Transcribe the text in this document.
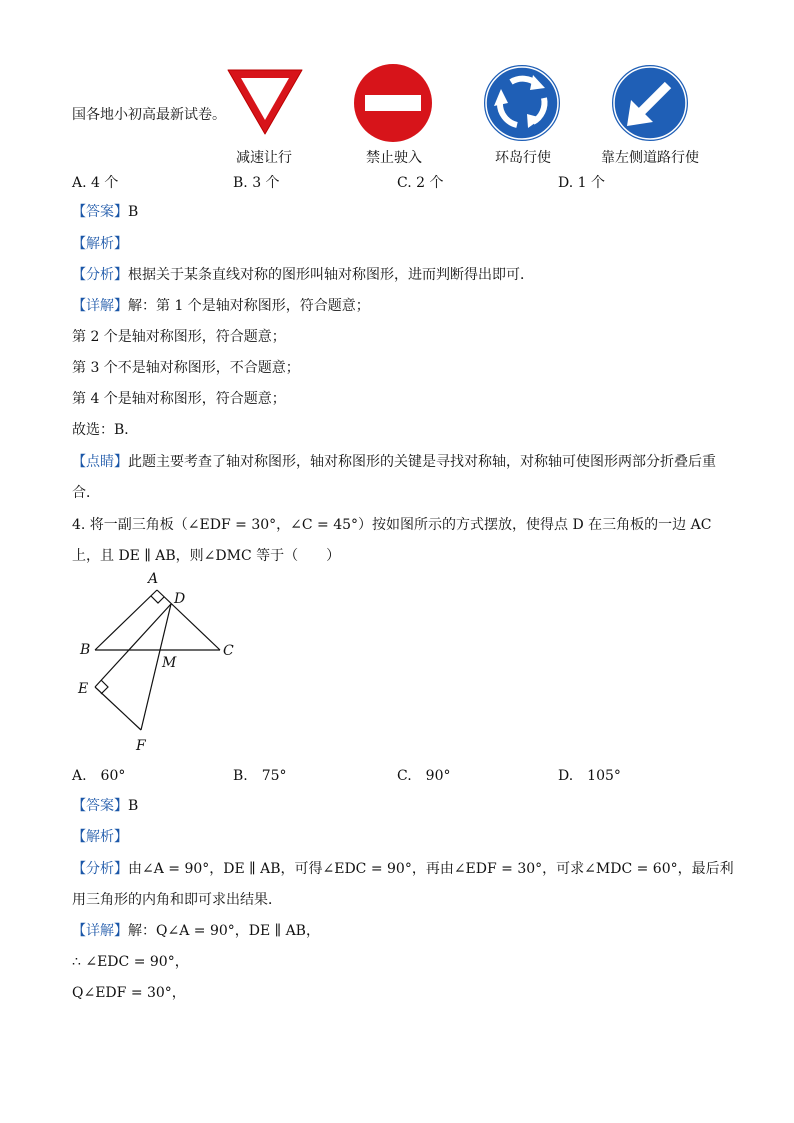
国各地小初高最新试卷。
减速让行	禁止驶入	环岛行使	靠左侧道路行使
A. 4 个	B. 3 个	C. 2 个	D. 1 个
【答案】B
【解析】
【分析】根据关于某条直线对称的图形叫轴对称图形，进而判断得出即可．
【详解】解：第 1 个是轴对称图形，符合题意；
第 2 个是轴对称图形，符合题意；
第 3 个不是轴对称图形，不合题意；
第 4 个是轴对称图形，符合题意；
故选：B．
【点睛】此题主要考查了轴对称图形，轴对称图形的关键是寻找对称轴，对称轴可使图形两部分折叠后重
合．
4. 将一副三角板（∠EDF = 30°，∠C = 45°）按如图所示的方式摆放，使得点 D 在三角板的一边 AC
上，且 DE ∥ AB，则∠DMC 等于（　　）
A
D
B	C
M
E
F
A.　60°	B.　75°	C.　90°	D.　105°
【答案】B
【解析】
【分析】由∠A = 90°，DE ∥ AB，可得∠EDC = 90°，再由∠EDF = 30°，可求∠MDC = 60°，最后利
用三角形的内角和即可求出结果．
【详解】解：Q∠A = 90°，DE ∥ AB，
∴ ∠EDC = 90°，
Q∠EDF = 30°，
